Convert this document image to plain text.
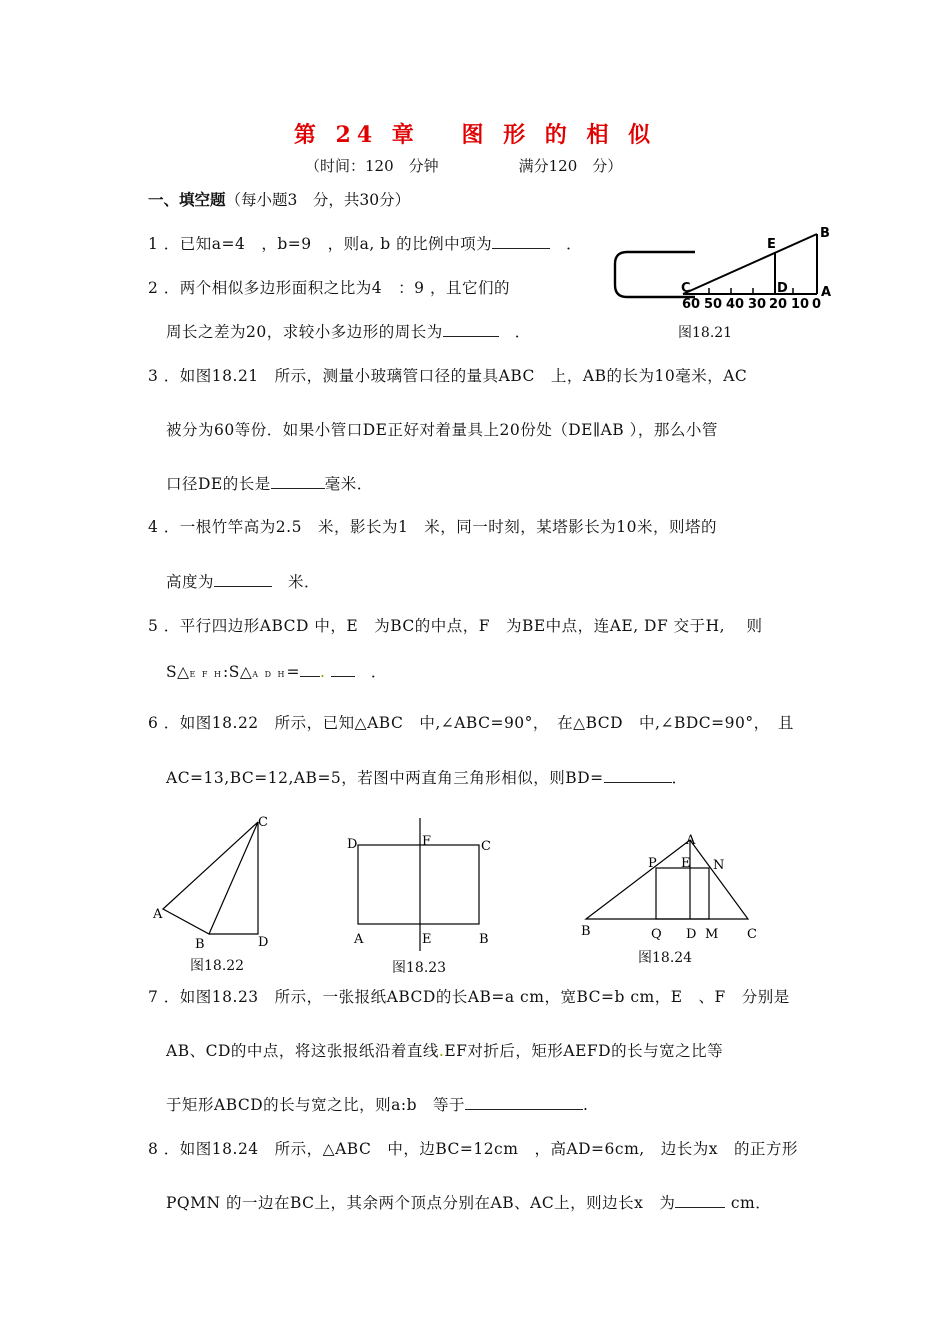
第 24 章　 图 形 的 相 似
（时间：120　分钟	满分120　分）
一、填空题（每小题3　分，共30分）
1 ．已知a=4　，b=9　，则a, b 的比例中项为	　．
2 ．两个相似多边形面积之比为4　：9 ，且它们的
周长之差为20，求较小多边形的周长为	　．
B
E
D
C	A
60 50 40 30 20 10 0
图18.21
3 ．如图18.21　所示，测量小玻璃管口径的量具ABC　上，AB的长为10毫米，AC
被分为60等份．如果小管口DE正好对着量具上20份处（DE∥AB ），那么小管
口径DE的长是	毫米．
4 ．一根竹竿高为2.5　米，影长为1　米，同一时刻，某塔影长为10米，则塔的
高度为	　米．
5 ．平行四边形ABCD 中，E　为BC的中点，F　为BE中点，连AE, DF 交于H,　 则
S△E F H:S△A D H= . 　	．
6 ．如图18.22　所示，已知△ABC　中,∠ABC=90°，　在△BCD　中,∠BDC=90°，　且
AC=13,BC=12,AB=5，若图中两直角三角形相似，则BD=	．
C
A
B	D
图18.22
D	F	C
A	E	B
图18.23
A
P E N
B	Q D M C
图18.24
7 ．如图18.23　所示，一张报纸ABCD的长AB=a cm，宽BC=b cm，E　、F　分别是
AB、CD的中点，将这张报纸沿着直线.EF对折后，矩形AEFD的长与宽之比等
于矩形ABCD的长与宽之比，则a:b　等于	.
8 ．如图18.24　所示，△ABC　中，边BC=12cm　，高AD=6cm,　边长为x　的正方形
PQMN 的一边在BC上，其余两个顶点分别在AB、AC上，则边长x　为	cm．
